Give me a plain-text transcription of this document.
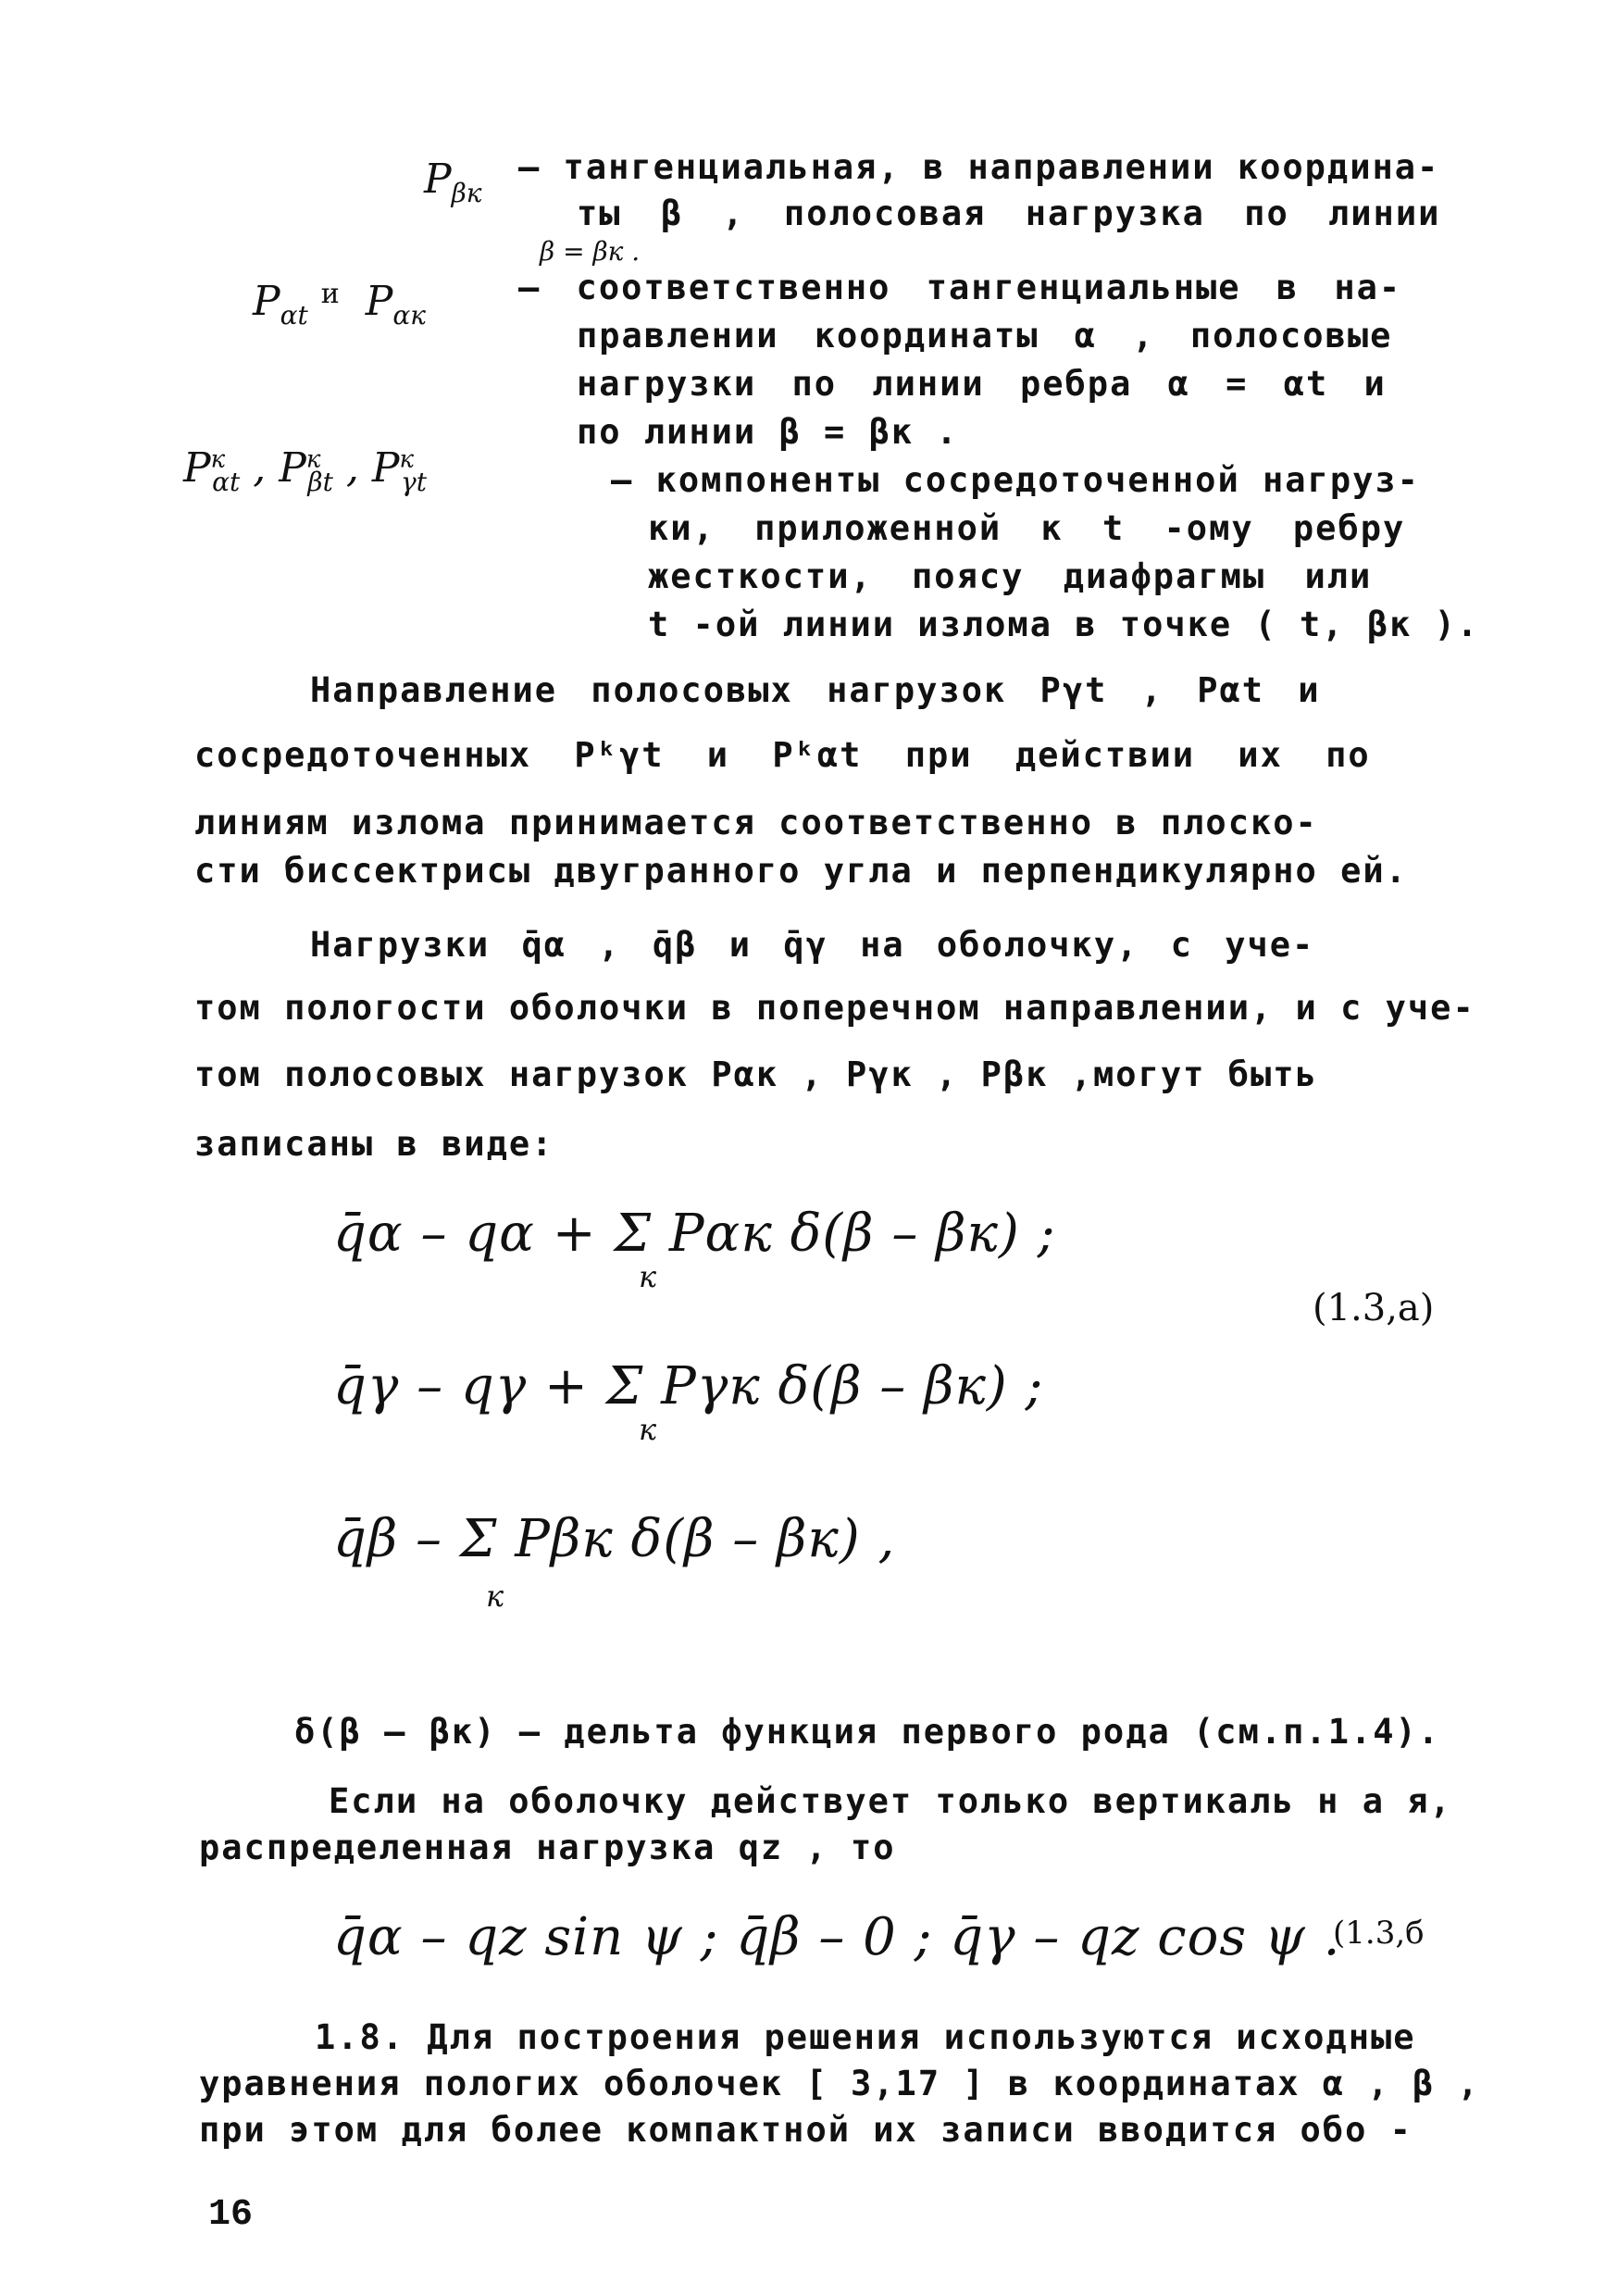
$P_{\beta к}$
– тангенциальная, в направлении координа-
ты β , полосовая нагрузка по линии
β = βк .
$P_{\alpha t}$ $^и$  $P_{\alpha к}$
– соответственно тангенциальные в на-
правлении координаты α , полосовые
нагрузки по линии ребра α = αt и
по линии β = βк .
$P^к_{\alpha t}$ , $P^к_{\beta t}$ , $P^к_{\gamma t}$	– компоненты сосредоточенной нагруз-
ки, приложенной к t -ому ребру
жесткости, поясу диафрагмы или
t -ой линии излома в точке ( t, βк ).
Направление полосовых нагрузок Pγt , Pαt и
сосредоточенных Pᵏγt и Pᵏαt при действии их по
линиям излома принимается соответственно в плоско-
сти биссектрисы двугранного угла и перпендикулярно ей.
Нагрузки q̄α , q̄β и q̄γ на оболочку, с уче-
том пологости оболочки в поперечном направлении, и с уче-
том полосовых нагрузок Pαк , Pγк , Pβк ,могут быть
записаны в виде:
q̄α – qα + Σ Pαк δ(β – βк) ;
к
(1.3,а)
q̄γ – qγ + Σ Pγк δ(β – βк) ;
к
q̄β – Σ Pβк δ(β – βк) ,
к
δ(β – βк) – дельта функция первого рода (см.п.1.4).
Если на оболочку действует только вертикаль н а я,
распределенная нагрузка qz , то
q̄α – qz sin ψ ; q̄β – 0 ; q̄γ – qz cos ψ .
(1.3,б
1.8. Для построения решения используются исходные
уравнения пологих оболочек [ 3,17 ] в координатах α , β ,
при этом для более компактной их записи вводится обо -
16
